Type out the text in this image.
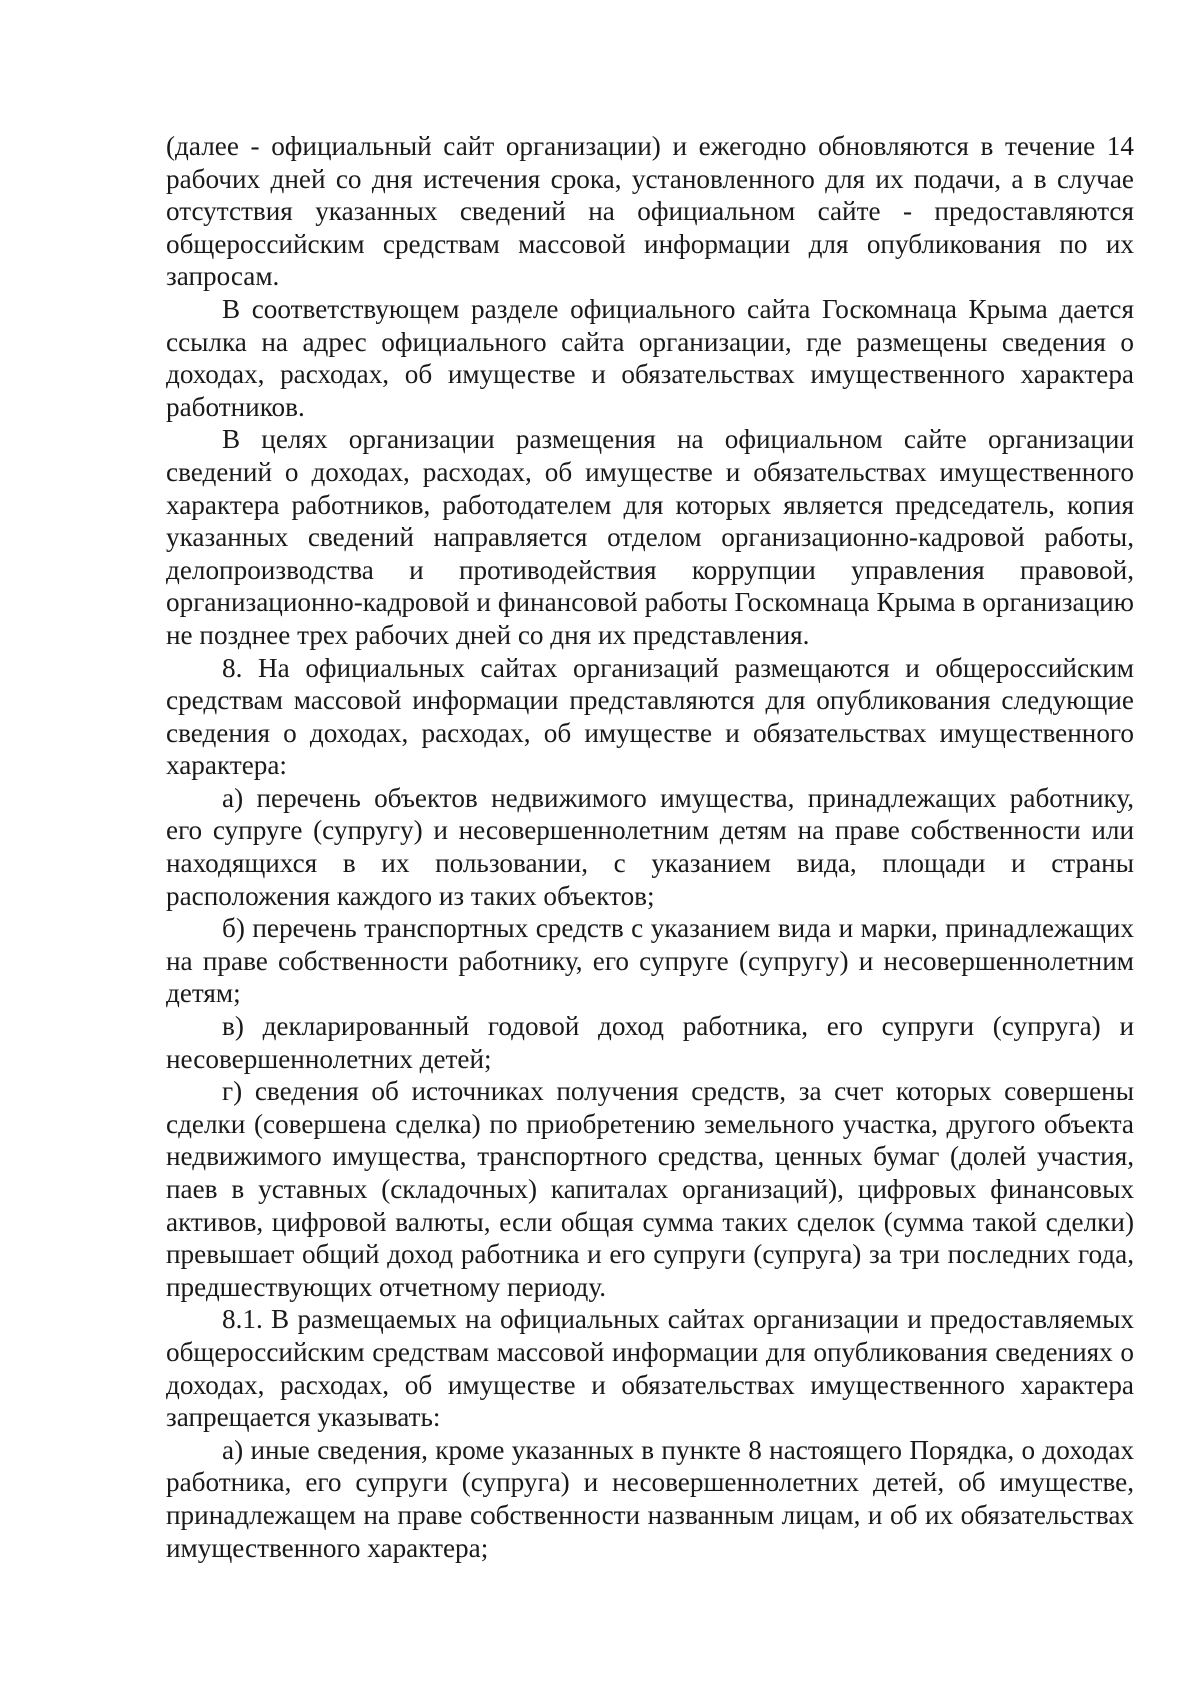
(далее - официальный сайт организации) и ежегодно обновляются в течение 14 рабочих дней со дня истечения срока, установленного для их подачи, а в случае отсутствия указанных сведений на официальном сайте - предоставляются общероссийским средствам массовой информации для опубликования по их запросам.

В соответствующем разделе официального сайта Госкомнаца Крыма дается ссылка на адрес официального сайта организации, где размещены сведения о доходах, расходах, об имуществе и обязательствах имущественного характера работников.

В целях организации размещения на официальном сайте организации сведений о доходах, расходах, об имуществе и обязательствах имущественного характера работников, работодателем для которых является председатель, копия указанных сведений направляется отделом организационно-кадровой работы, делопроизводства и противодействия коррупции управления правовой, организационно-кадровой и финансовой работы Госкомнаца Крыма в организацию не позднее трех рабочих дней со дня их представления.

8. На официальных сайтах организаций размещаются и общероссийским средствам массовой информации представляются для опубликования следующие сведения о доходах, расходах, об имуществе и обязательствах имущественного характера:

а) перечень объектов недвижимого имущества, принадлежащих работнику, его супруге (супругу) и несовершеннолетним детям на праве собственности или находящихся в их пользовании, с указанием вида, площади и страны расположения каждого из таких объектов;

б) перечень транспортных средств с указанием вида и марки, принадлежащих на праве собственности работнику, его супруге (супругу) и несовершеннолетним детям;

в) декларированный годовой доход работника, его супруги (супруга) и несовершеннолетних детей;

г) сведения об источниках получения средств, за счет которых совершены сделки (совершена сделка) по приобретению земельного участка, другого объекта недвижимого имущества, транспортного средства, ценных бумаг (долей участия, паев в уставных (складочных) капиталах организаций), цифровых финансовых активов, цифровой валюты, если общая сумма таких сделок (сумма такой сделки) превышает общий доход работника и его супруги (супруга) за три последних года, предшествующих отчетному периоду.

8.1. В размещаемых на официальных сайтах организации и предоставляемых общероссийским средствам массовой информации для опубликования сведениях о доходах, расходах, об имуществе и обязательствах имущественного характера запрещается указывать:

а) иные сведения, кроме указанных в пункте 8 настоящего Порядка, о доходах работника, его супруги (супруга) и несовершеннолетних детей, об имуществе, принадлежащем на праве собственности названным лицам, и об их обязательствах имущественного характера;
